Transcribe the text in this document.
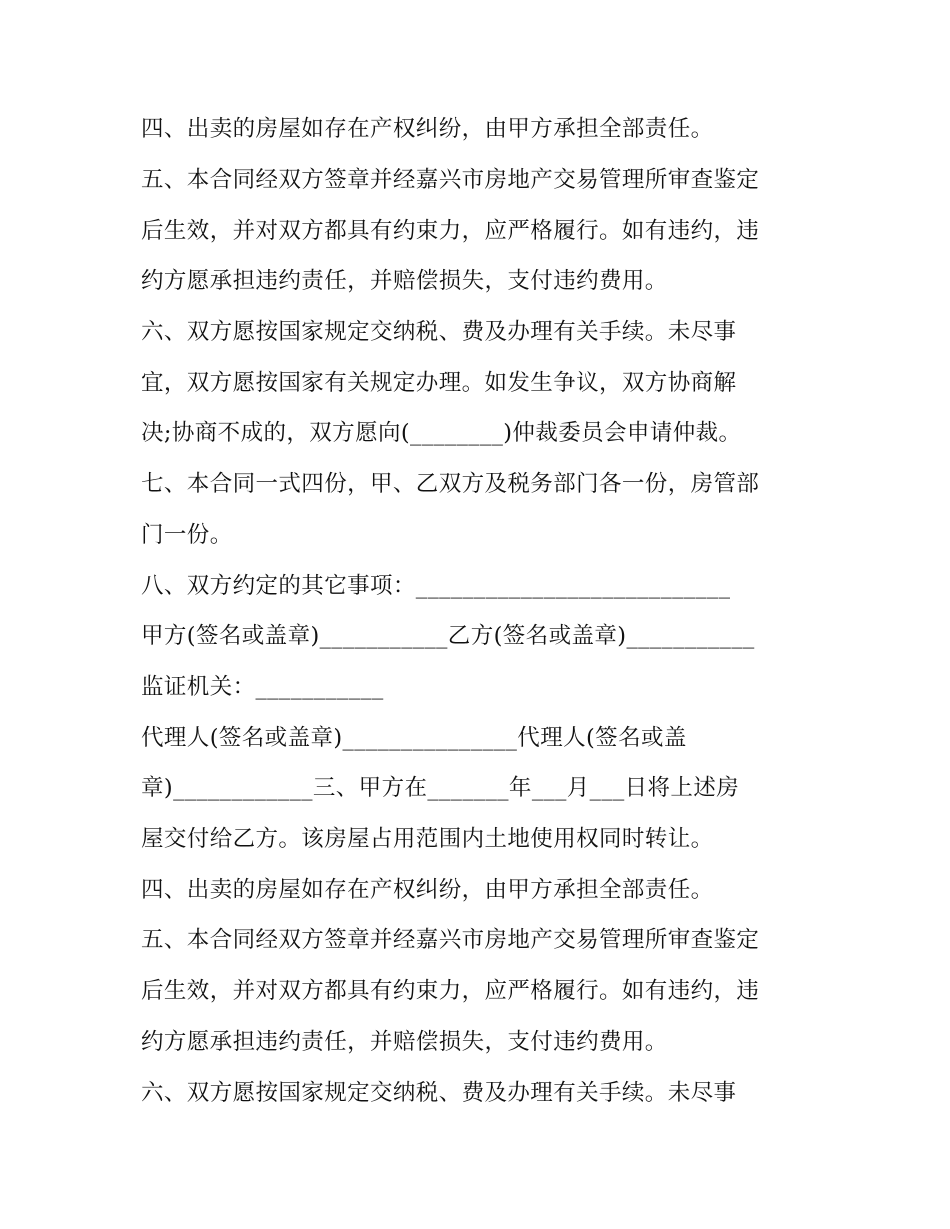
四、出卖的房屋如存在产权纠纷，由甲方承担全部责任。
五、本合同经双方签章并经嘉兴市房地产交易管理所审查鉴定
后生效，并对双方都具有约束力，应严格履行。如有违约，违
约方愿承担违约责任，并赔偿损失，支付违约费用。
六、双方愿按国家规定交纳税、费及办理有关手续。未尽事
宜，双方愿按国家有关规定办理。如发生争议，双方协商解
决;协商不成的，双方愿向(________)仲裁委员会申请仲裁。
七、本合同一式四份，甲、乙双方及税务部门各一份，房管部
门一份。
八、双方约定的其它事项：___________________________
甲方(签名或盖章)___________乙方(签名或盖章)___________
监证机关：___________
代理人(签名或盖章)_______________代理人(签名或盖
章)____________三、甲方在_______年___月___日将上述房
屋交付给乙方。该房屋占用范围内土地使用权同时转让。
四、出卖的房屋如存在产权纠纷，由甲方承担全部责任。
五、本合同经双方签章并经嘉兴市房地产交易管理所审查鉴定
后生效，并对双方都具有约束力，应严格履行。如有违约，违
约方愿承担违约责任，并赔偿损失，支付违约费用。
六、双方愿按国家规定交纳税、费及办理有关手续。未尽事
